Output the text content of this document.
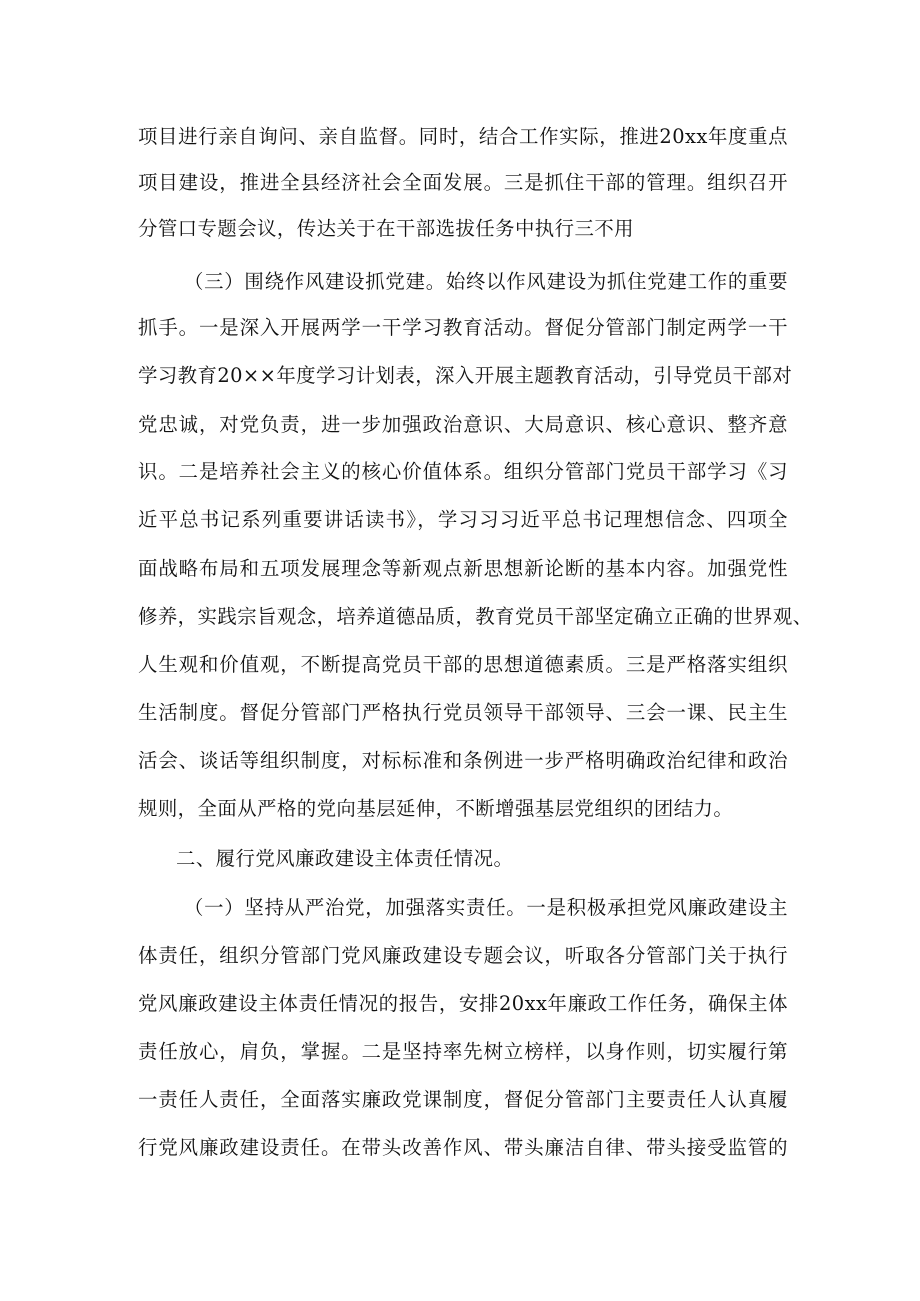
项目进行亲自询问、亲自监督。同时，结合工作实际，推进20xx年度重点
项目建设，推进全县经济社会全面发展。三是抓住干部的管理。组织召开
分管口专题会议，传达关于在干部选拔任务中执行三不用
（三）围绕作风建设抓党建。始终以作风建设为抓住党建工作的重要
抓手。一是深入开展两学一干学习教育活动。督促分管部门制定两学一干
学习教育20××年度学习计划表，深入开展主题教育活动，引导党员干部对
党忠诚，对党负责，进一步加强政治意识、大局意识、核心意识、整齐意
识。二是培养社会主义的核心价值体系。组织分管部门党员干部学习《习
近平总书记系列重要讲话读书》，学习习习近平总书记理想信念、四项全
面战略布局和五项发展理念等新观点新思想新论断的基本内容。加强党性
修养，实践宗旨观念，培养道德品质，教育党员干部坚定确立正确的世界观、
人生观和价值观，不断提高党员干部的思想道德素质。三是严格落实组织
生活制度。督促分管部门严格执行党员领导干部领导、三会一课、民主生
活会、谈话等组织制度，对标标准和条例进一步严格明确政治纪律和政治
规则，全面从严格的党向基层延伸，不断增强基层党组织的团结力。
二、履行党风廉政建设主体责任情况。
（一）坚持从严治党，加强落实责任。一是积极承担党风廉政建设主
体责任，组织分管部门党风廉政建设专题会议，听取各分管部门关于执行
党风廉政建设主体责任情况的报告，安排20xx年廉政工作任务，确保主体
责任放心，肩负，掌握。二是坚持率先树立榜样，以身作则，切实履行第
一责任人责任，全面落实廉政党课制度，督促分管部门主要责任人认真履
行党风廉政建设责任。在带头改善作风、带头廉洁自律、带头接受监管的
